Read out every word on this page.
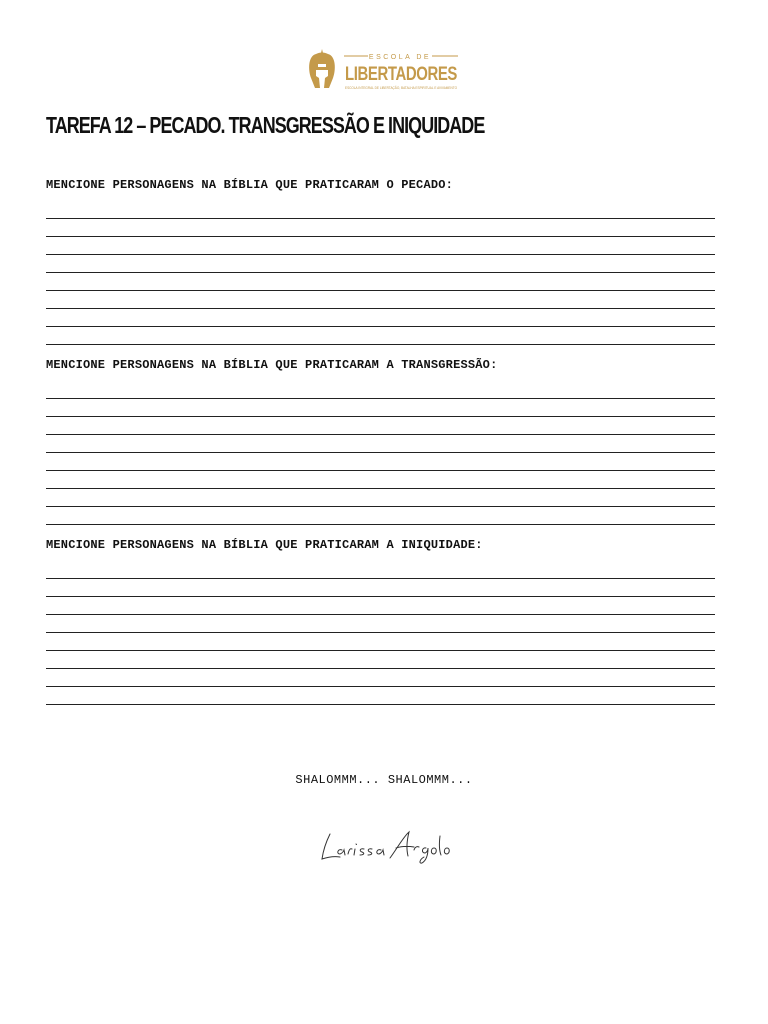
ESCOLA DE
LIBERTADORES
ESCOLA INTEGRAL DE LIBERTAÇÃO, BATALHA ESPIRITUAL E AVIVAMENTO
TAREFA 12 – PECADO. TRANSGRESSÃO E INIQUIDADE
MENCIONE PERSONAGENS NA BÍBLIA QUE PRATICARAM O PECADO:
MENCIONE PERSONAGENS NA BÍBLIA QUE PRATICARAM A TRANSGRESSÃO:
MENCIONE PERSONAGENS NA BÍBLIA QUE PRATICARAM A INIQUIDADE:
SHALOMMM... SHALOMMM...
